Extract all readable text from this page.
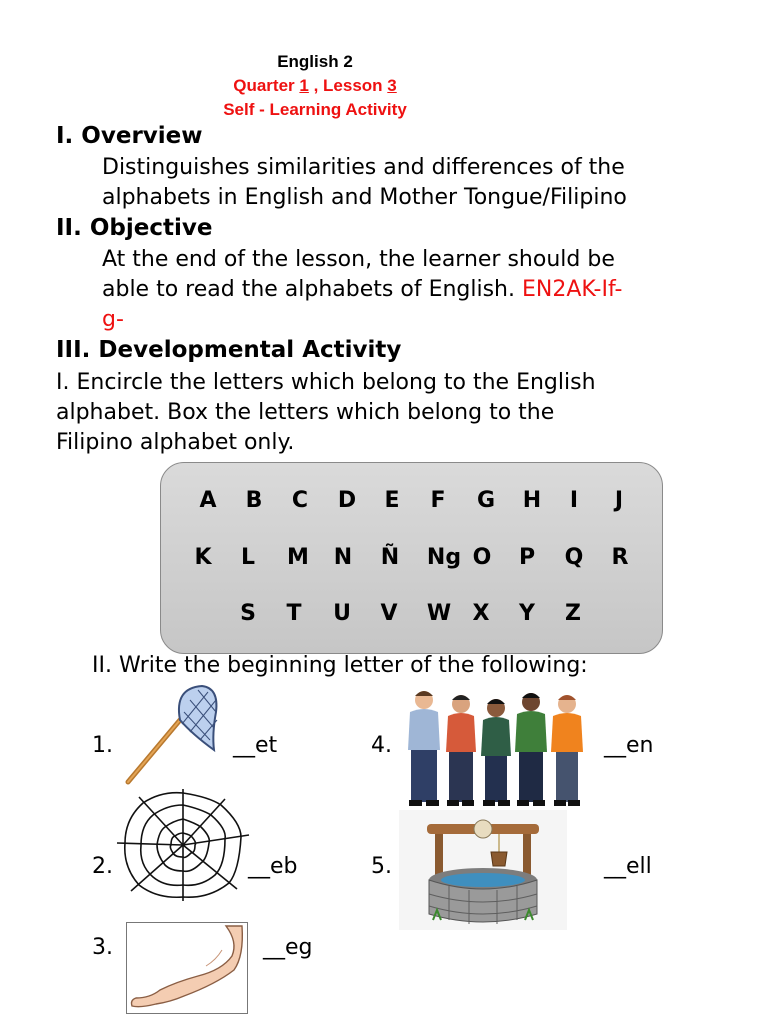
English 2
Quarter 1 , Lesson 3
Self - Learning Activity
I. Overview
Distinguishes similarities and differences of the
alphabets in English and Mother Tongue/Filipino
II. Objective
At the end of the lesson, the learner should be
able to read the alphabets of English. EN2AK-If-
g-
III. Developmental Activity
I. Encircle the letters which belong to the English
alphabet. Box the letters which belong to the
Filipino alphabet only.
A B C D E F G H I J
K L M N Ñ Ng O P Q R
S T U V W X Y Z
II. Write the beginning letter of the following:
1.	__et
2.	__eb
3.	__eg
4.	__en
5.	__ell
